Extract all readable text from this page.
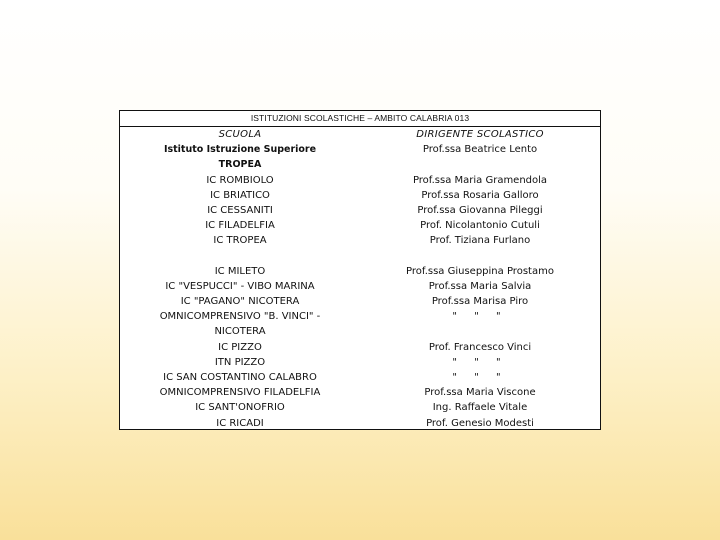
ISTITUZIONI SCOLASTICHE – AMBITO CALABRIA 013
SCUOLA
Istituto Istruzione Superiore
TROPEA
IC ROMBIOLO
IC BRIATICO
IC CESSANITI
IC FILADELFIA
IC TROPEA
IC MILETO
IC "VESPUCCI" - VIBO MARINA
IC "PAGANO" NICOTERA
OMNICOMPRENSIVO "B. VINCI" -
NICOTERA
IC PIZZO
ITN PIZZO
IC SAN COSTANTINO CALABRO
OMNICOMPRENSIVO FILADELFIA
IC SANT'ONOFRIO
IC RICADI
DIRIGENTE SCOLASTICO
Prof.ssa Beatrice Lento
Prof.ssa Maria Gramendola
Prof.ssa Rosaria Galloro
Prof.ssa Giovanna Pileggi
Prof. Nicolantonio Cutuli
Prof. Tiziana Furlano
Prof.ssa Giuseppina Prostamo
Prof.ssa Maria Salvia
Prof.ssa Marisa Piro
" " "
Prof. Francesco Vinci
" " "
" " "
Prof.ssa Maria Viscone
Ing. Raffaele Vitale
Prof. Genesio Modesti
